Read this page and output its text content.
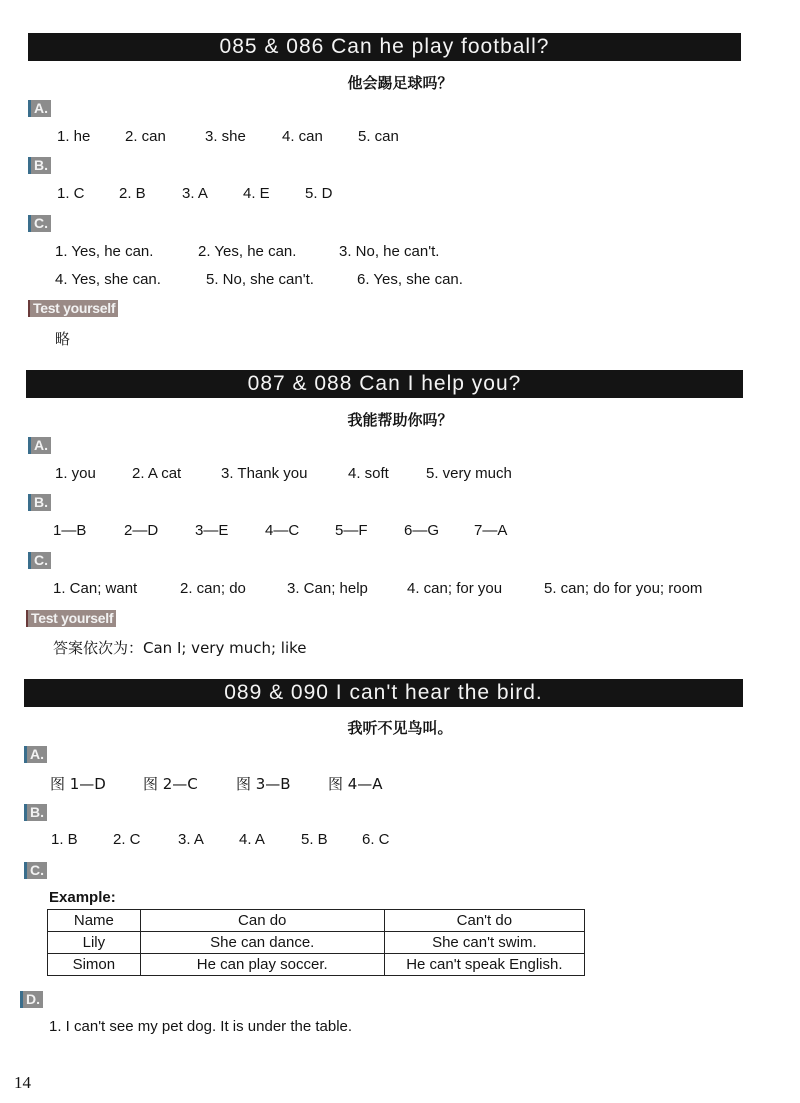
085 & 086 Can he play football?
他会踢足球吗？
A.
1. he 2. can	3. she 4. can 5. can
B.
1. C 2. B 3. A 4. E 5. D
C.
1. Yes, he can.	2. Yes, he can.	3. No, he can't.
4. Yes, she can.	5. No, she can't.	6. Yes, she can.
Test yourself
略
087 & 088 Can I help you?
我能帮助你吗？
A.
1. you 2. A cat	3. Thank you	4. soft 5. very much
B.
1—B	2—D 3—E 4—C 5—F 6—G 7—A
C.
1. Can; want	2. can; do	3. Can; help	4. can; for you	5. can; do for you; room
Test yourself
答案依次为：Can I; very much; like
089 & 090 I can't hear the bird.
我听不见鸟叫。
A.
图 1—D 图 2—C	图 3—B 图 4—A
B.
1. B 2. C 3. A 4. A 5. B 6. C
C.
Example:
Name	Can do	Can't do
Lily	She can dance.	She can't swim.
Simon	He can play soccer.	He can't speak English.
D.
1. I can't see my pet dog. It is under the table.
14
